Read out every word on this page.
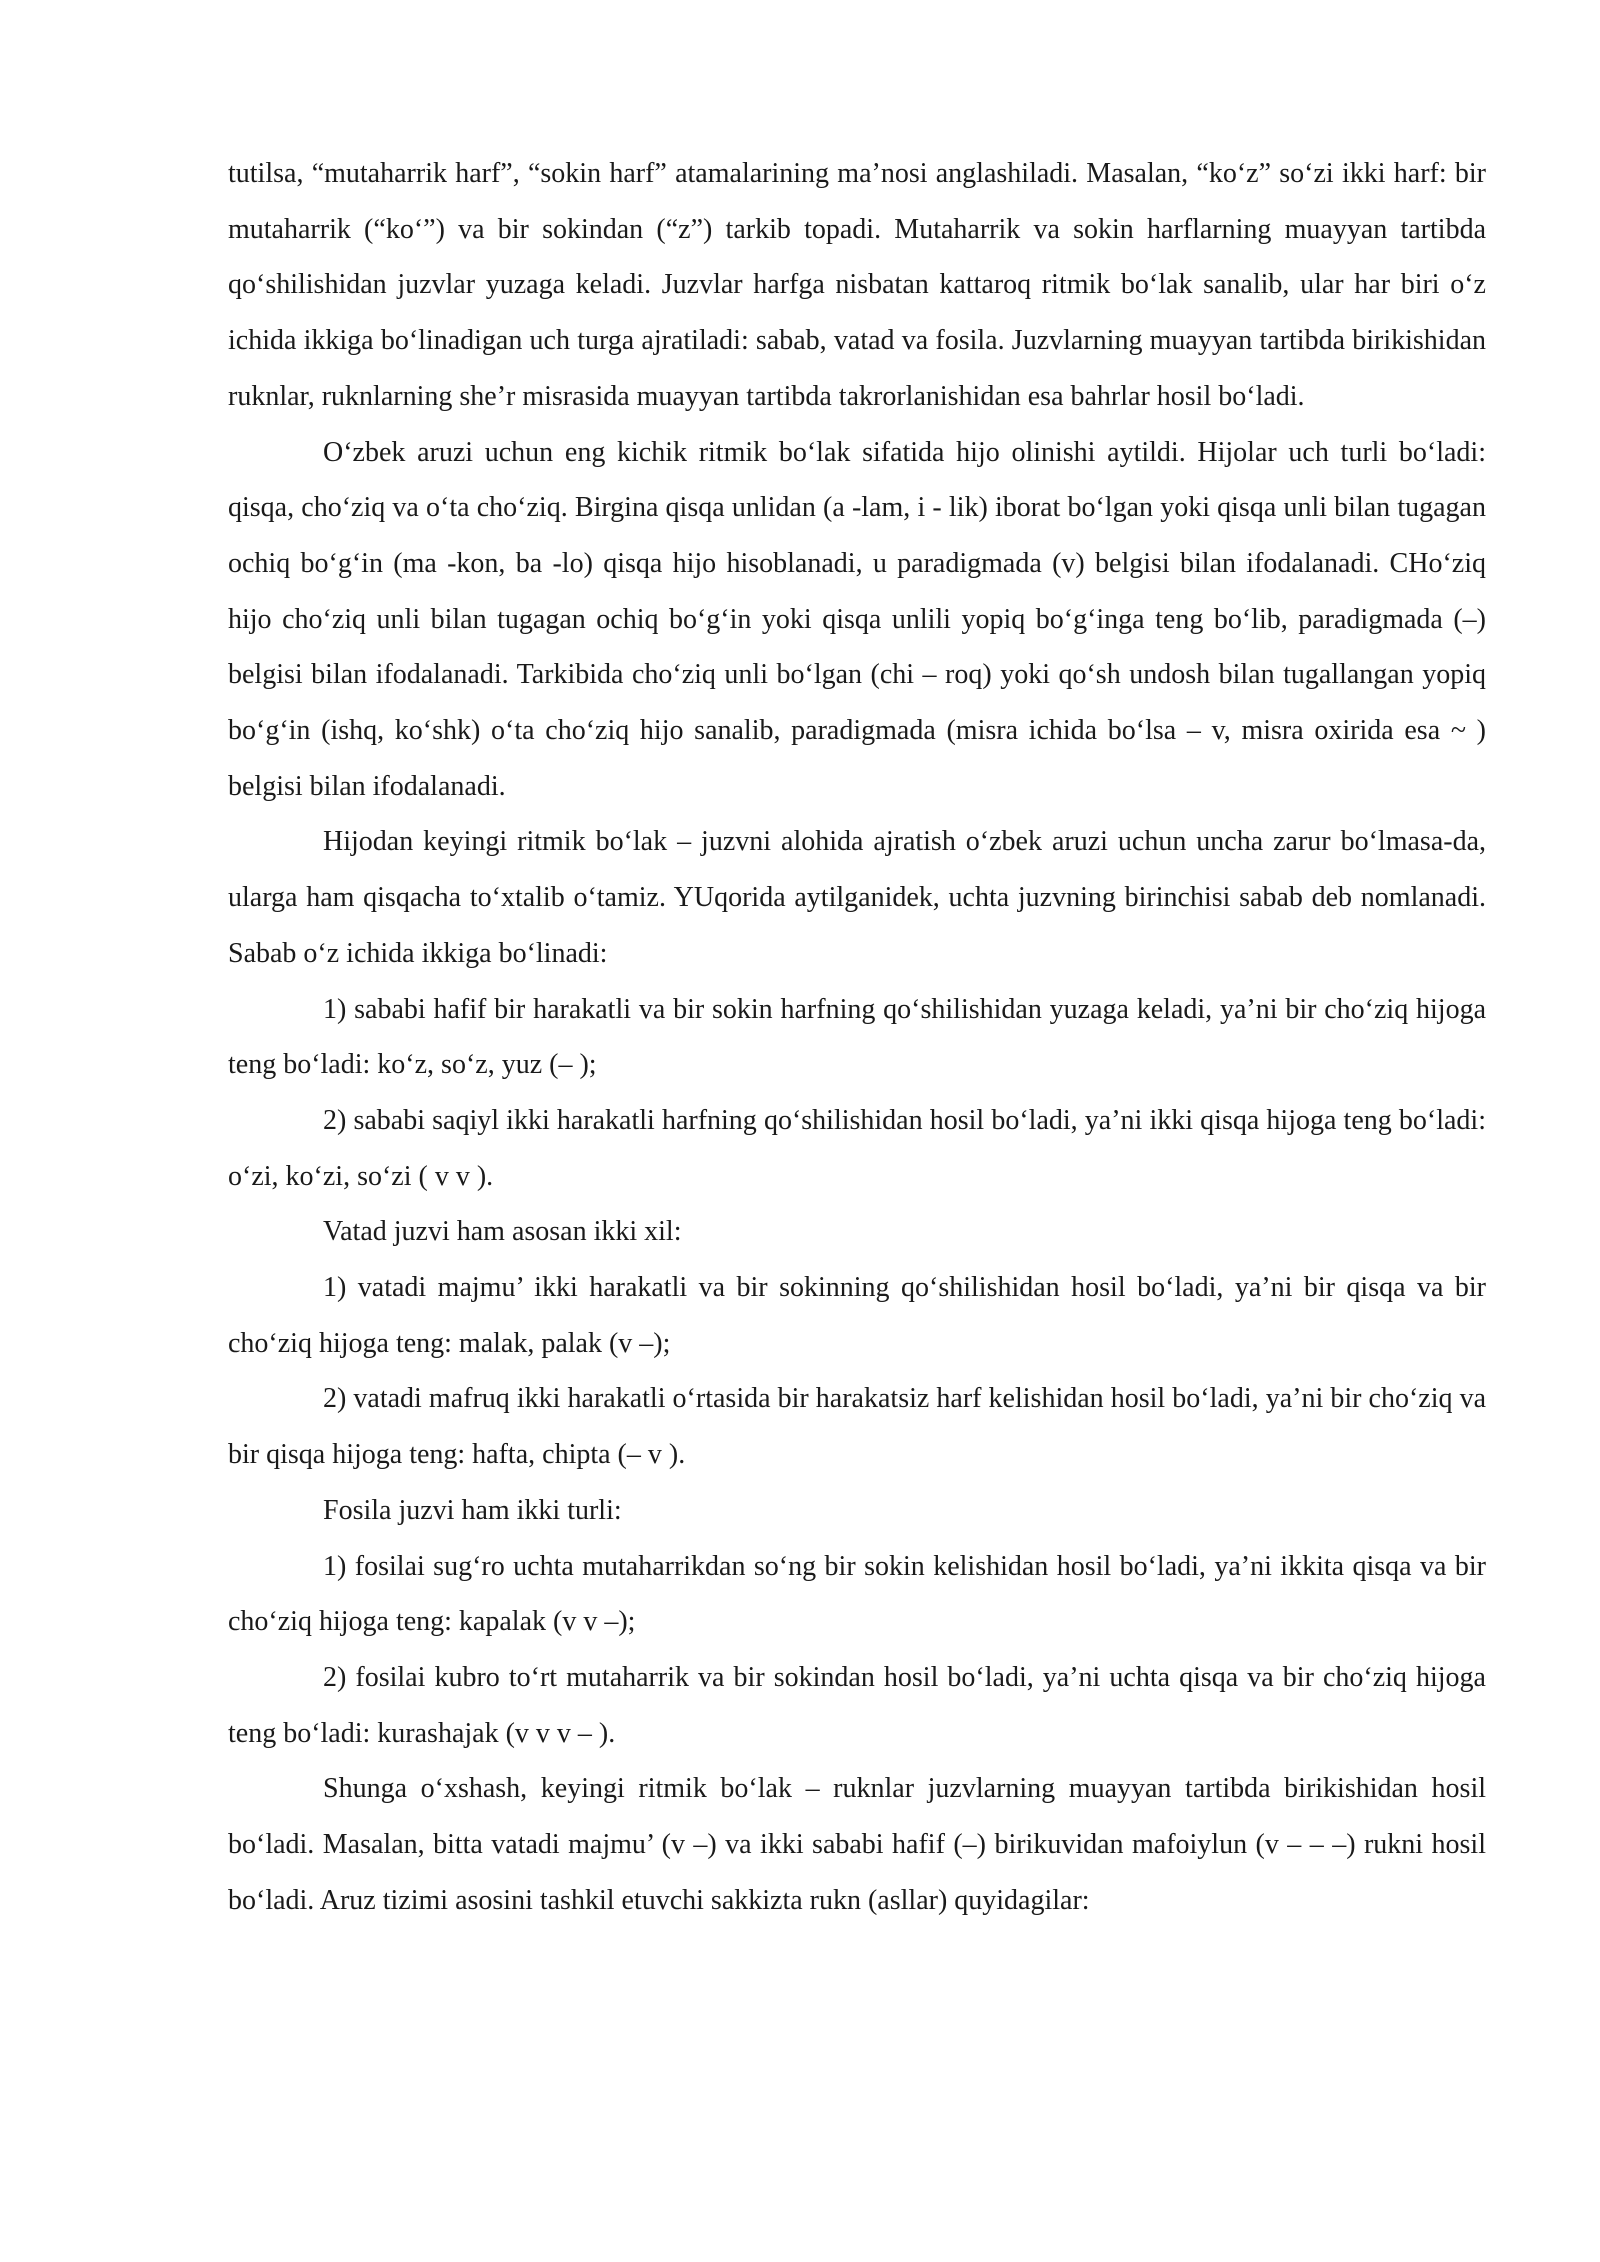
tutilsa, “mutaharrik harf”, “sokin harf” atamalarining ma’nosi anglashiladi. Masalan, “ko‘z” so‘zi ikki harf: bir mutaharrik (“ko‘”) va bir sokindan (“z”) tarkib topadi. Mutaharrik va sokin harflarning muayyan tartibda qo‘shilishidan juzvlar yuzaga keladi. Juzvlar harfga nisbatan kattaroq ritmik bo‘lak sanalib, ular har biri o‘z ichida ikkiga bo‘linadigan uch turga ajratiladi: sabab, vatad va fosila. Juzvlarning muayyan tartibda birikishidan ruknlar, ruknlarning she’r misrasida muayyan tartibda takrorlanishidan esa bahrlar hosil bo‘ladi.

O‘zbek aruzi uchun eng kichik ritmik bo‘lak sifatida hijo olinishi aytildi. Hijolar uch turli bo‘ladi: qisqa, cho‘ziq va o‘ta cho‘ziq. Birgina qisqa unlidan (a -lam, i - lik) iborat bo‘lgan yoki qisqa unli bilan tugagan ochiq bo‘g‘in (ma -kon, ba -lo) qisqa hijo hisoblanadi, u paradigmada (v) belgisi bilan ifodalanadi. CHo‘ziq hijo cho‘ziq unli bilan tugagan ochiq bo‘g‘in yoki qisqa unlili yopiq bo‘g‘inga teng bo‘lib, paradigmada (–) belgisi bilan ifodalanadi. Tarkibida cho‘ziq unli bo‘lgan (chi – roq) yoki qo‘sh undosh bilan tugallangan yopiq bo‘g‘in (ishq, ko‘shk) o‘ta cho‘ziq hijo sanalib, paradigmada (misra ichida bo‘lsa – v, misra oxirida esa ~ ) belgisi bilan ifodalanadi.

Hijodan keyingi ritmik bo‘lak – juzvni alohida ajratish o‘zbek aruzi uchun uncha zarur bo‘lmasa-da, ularga ham qisqacha to‘xtalib o‘tamiz. YUqorida aytilganidek, uchta juzvning birinchisi sabab deb nomlanadi. Sabab o‘z ichida ikkiga bo‘linadi:

1) sababi hafif bir harakatli va bir sokin harfning qo‘shilishidan yuzaga keladi, ya’ni bir cho‘ziq hijoga teng bo‘ladi: ko‘z, so‘z, yuz (– );

2) sababi saqiyl ikki harakatli harfning qo‘shilishidan hosil bo‘ladi, ya’ni ikki qisqa hijoga teng bo‘ladi: o‘zi, ko‘zi, so‘zi ( v v ).

Vatad juzvi ham asosan ikki xil:

1) vatadi majmu’ ikki harakatli va bir sokinning qo‘shilishidan hosil bo‘ladi, ya’ni bir qisqa va bir cho‘ziq hijoga teng: malak, palak (v –);

2) vatadi mafruq ikki harakatli o‘rtasida bir harakatsiz harf kelishidan hosil bo‘ladi, ya’ni bir cho‘ziq va bir qisqa hijoga teng: hafta, chipta (– v ).

Fosila juzvi ham ikki turli:

1) fosilai sug‘ro uchta mutaharrikdan so‘ng bir sokin kelishidan hosil bo‘ladi, ya’ni ikkita qisqa va bir cho‘ziq hijoga teng: kapalak (v v –);

2) fosilai kubro to‘rt mutaharrik va bir sokindan hosil bo‘ladi, ya’ni uchta qisqa va bir cho‘ziq hijoga teng bo‘ladi: kurashajak (v v v – ).

Shunga o‘xshash, keyingi ritmik bo‘lak – ruknlar juzvlarning muayyan tartibda birikishidan hosil bo‘ladi. Masalan, bitta vatadi majmu’ (v –) va ikki sababi hafif (–) birikuvidan mafoiylun (v – – –) rukni hosil bo‘ladi. Aruz tizimi asosini tashkil etuvchi sakkizta rukn (asllar) quyidagilar:
